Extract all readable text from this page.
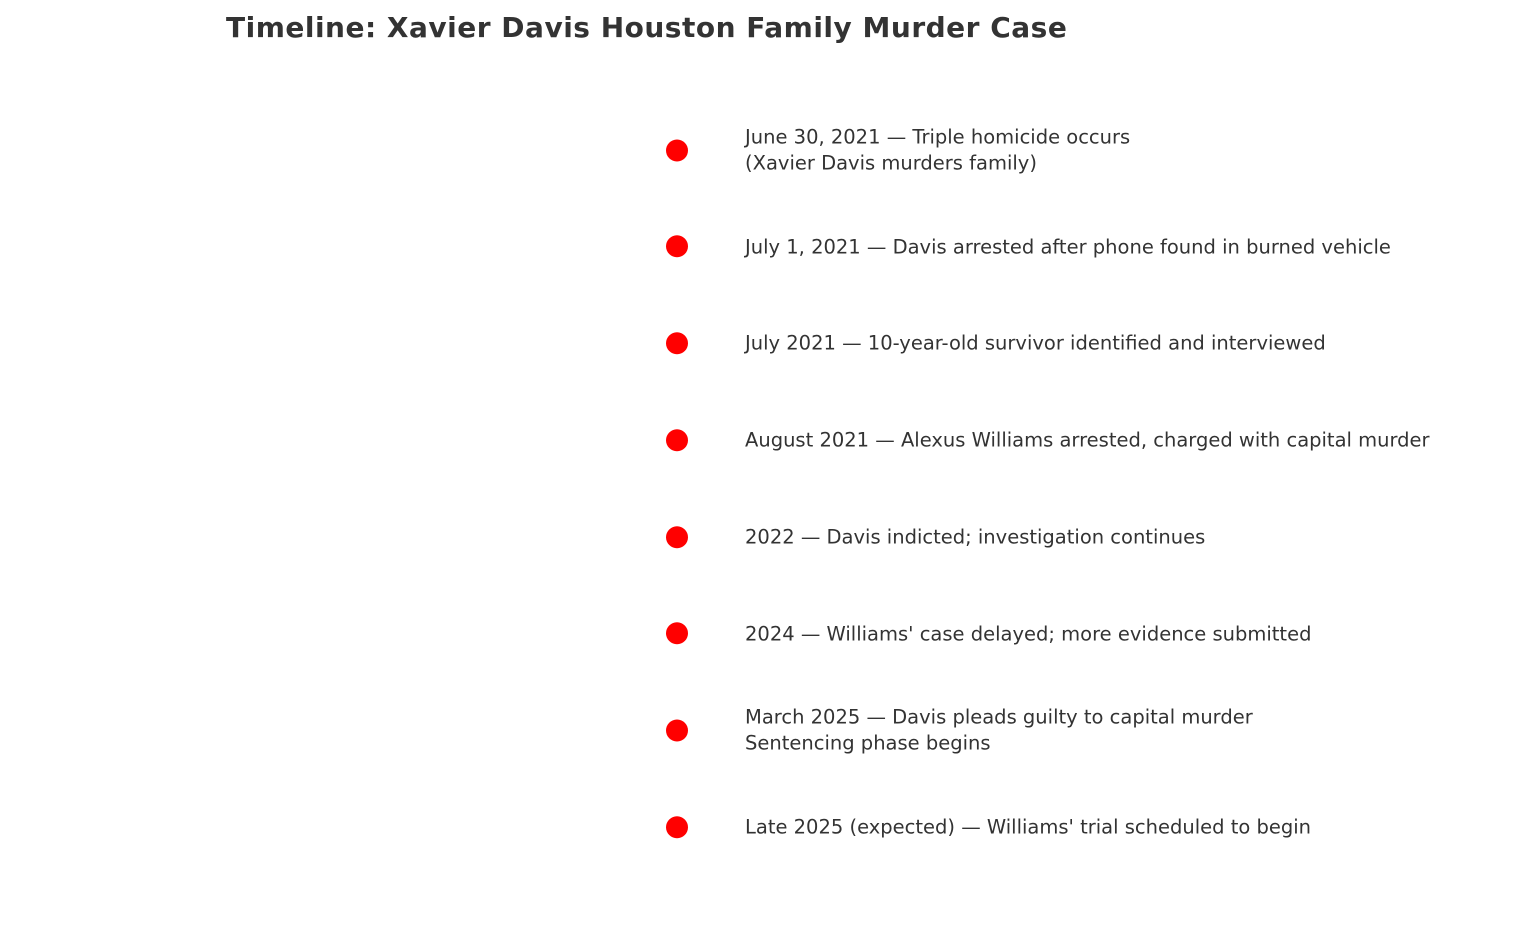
Timeline: Xavier Davis Houston Family Murder Case
June 30, 2021 — Triple homicide occurs
(Xavier Davis murders family)
July 1, 2021 — Davis arrested after phone found in burned vehicle
July 2021 — 10-year-old survivor identified and interviewed
August 2021 — Alexus Williams arrested, charged with capital murder
2022 — Davis indicted; investigation continues
2024 — Williams' case delayed; more evidence submitted
March 2025 — Davis pleads guilty to capital murder
Sentencing phase begins
Late 2025 (expected) — Williams' trial scheduled to begin
